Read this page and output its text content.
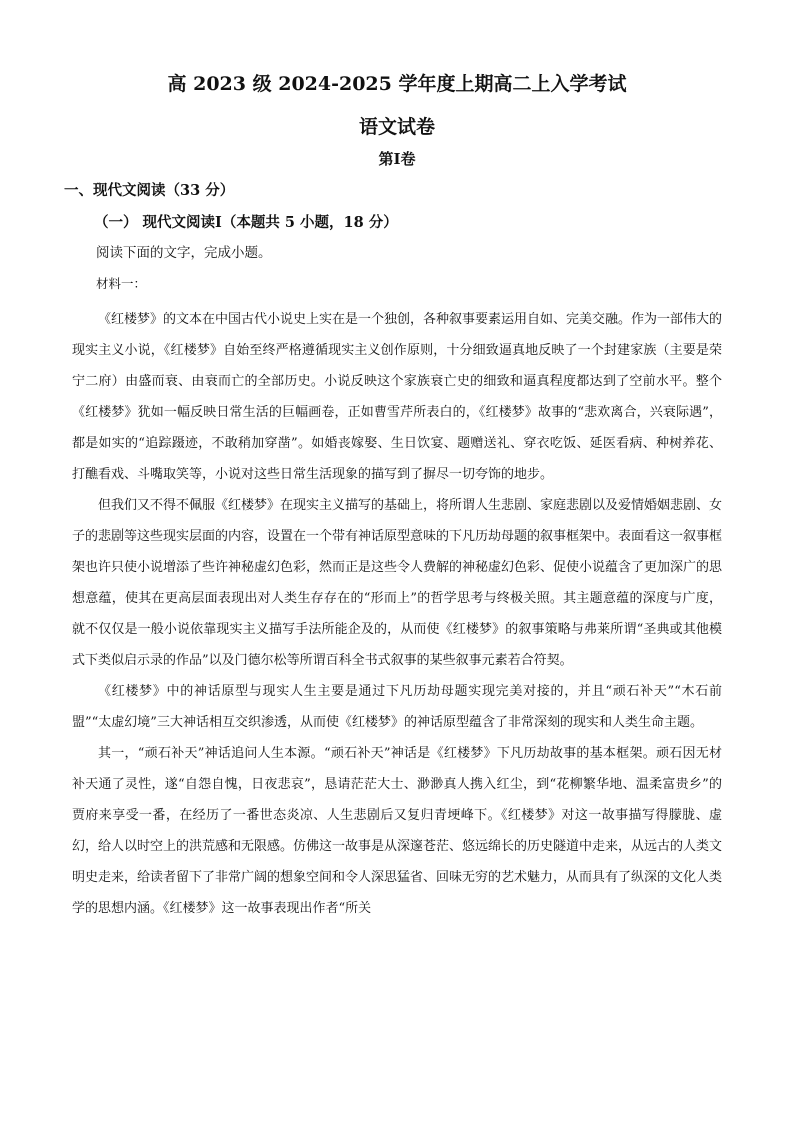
高 2023 级 2024-2025 学年度上期高二上入学考试
语文试卷
第Ⅰ卷
一、现代文阅读（33 分）
（一） 现代文阅读Ⅰ（本题共 5 小题，18 分）
阅读下面的文字，完成小题。
材料一：

《红楼梦》的文本在中国古代小说史上实在是一个独创，各种叙事要素运用自如、完美交融。作为一部伟大的现实主义小说，《红楼梦》自始至终严格遵循现实主义创作原则，十分细致逼真地反映了一个封建家族（主要是荣宁二府）由盛而衰、由衰而亡的全部历史。小说反映这个家族衰亡史的细致和逼真程度都达到了空前水平。整个《红楼梦》犹如一幅反映日常生活的巨幅画卷，正如曹雪芹所表白的，《红楼梦》故事的“悲欢离合，兴衰际遇”，都是如实的“追踪蹑迹，不敢稍加穿凿”。如婚丧嫁娶、生日饮宴、题赠送礼、穿衣吃饭、延医看病、种树养花、打醮看戏、斗嘴取笑等，小说对这些日常生活现象的描写到了摒尽一切夸饰的地步。

但我们又不得不佩服《红楼梦》在现实主义描写的基础上，将所谓人生悲剧、家庭悲剧以及爱情婚姻悲剧、女子的悲剧等这些现实层面的内容，设置在一个带有神话原型意味的下凡历劫母题的叙事框架中。表面看这一叙事框架也许只使小说增添了些许神秘虚幻色彩，然而正是这些令人费解的神秘虚幻色彩、促使小说蕴含了更加深广的思想意蕴，使其在更高层面表现出对人类生存存在的“形而上”的哲学思考与终极关照。其主题意蕴的深度与广度，就不仅仅是一般小说依靠现实主义描写手法所能企及的，从而使《红楼梦》的叙事策略与弗莱所谓“圣典或其他模式下类似启示录的作品”以及门德尔松等所谓百科全书式叙事的某些叙事元素若合符契。

《红楼梦》中的神话原型与现实人生主要是通过下凡历劫母题实现完美对接的，并且“顽石补天”“木石前盟”“太虚幻境”三大神话相互交织渗透，从而使《红楼梦》的神话原型蕴含了非常深刻的现实和人类生命主题。

其一，“顽石补天”神话追问人生本源。“顽石补天”神话是《红楼梦》下凡历劫故事的基本框架。顽石因无材补天通了灵性，遂“自怨自愧，日夜悲哀”，恳请茫茫大士、渺渺真人携入红尘，到“花柳繁华地、温柔富贵乡”的贾府来享受一番，在经历了一番世态炎凉、人生悲剧后又复归青埂峰下。《红楼梦》对这一故事描写得朦胧、虚幻，给人以时空上的洪荒感和无限感。仿佛这一故事是从深邃苍茫、悠远绵长的历史隧道中走来，从远古的人类文明史走来，给读者留下了非常广阔的想象空间和令人深思猛省、回味无穷的艺术魅力，从而具有了纵深的文化人类学的思想内涵。《红楼梦》这一故事表现出作者“所关
